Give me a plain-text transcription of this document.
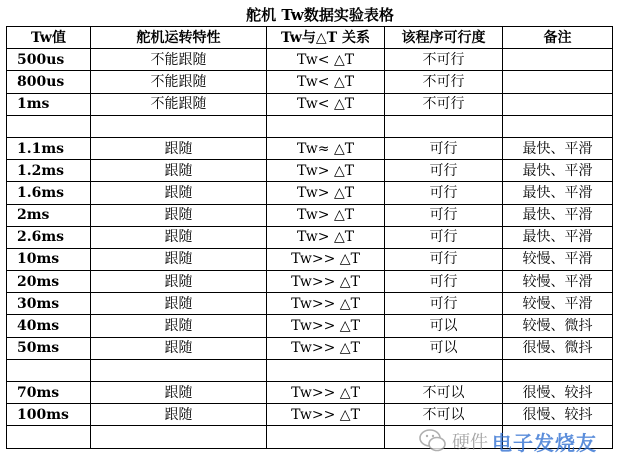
舵机 Tw数据实验表格
Tw值	舵机运转特性	Tw与△T 关系	该程序可行度	备注
500us	不能跟随	Tw< △T	不可行	
800us	不能跟随	Tw< △T	不可行	
1ms	不能跟随	Tw< △T	不可行	

1.1ms	跟随	Tw≈ △T	可行	最快、平滑
1.2ms	跟随	Tw> △T	可行	最快、平滑
1.6ms	跟随	Tw> △T	可行	最快、平滑
2ms	跟随	Tw> △T	可行	最快、平滑
2.6ms	跟随	Tw> △T	可行	最快、平滑
10ms	跟随	Tw>> △T	可行	较慢、平滑
20ms	跟随	Tw>> △T	可行	较慢、平滑
30ms	跟随	Tw>> △T	可行	较慢、平滑
40ms	跟随	Tw>> △T	可以	较慢、微抖
50ms	跟随	Tw>> △T	可以	很慢、微抖

70ms	跟随	Tw>> △T	不可以	很慢、较抖
100ms	跟随	Tw>> △T	不可以	很慢、较抖

硬件 电子发烧友
